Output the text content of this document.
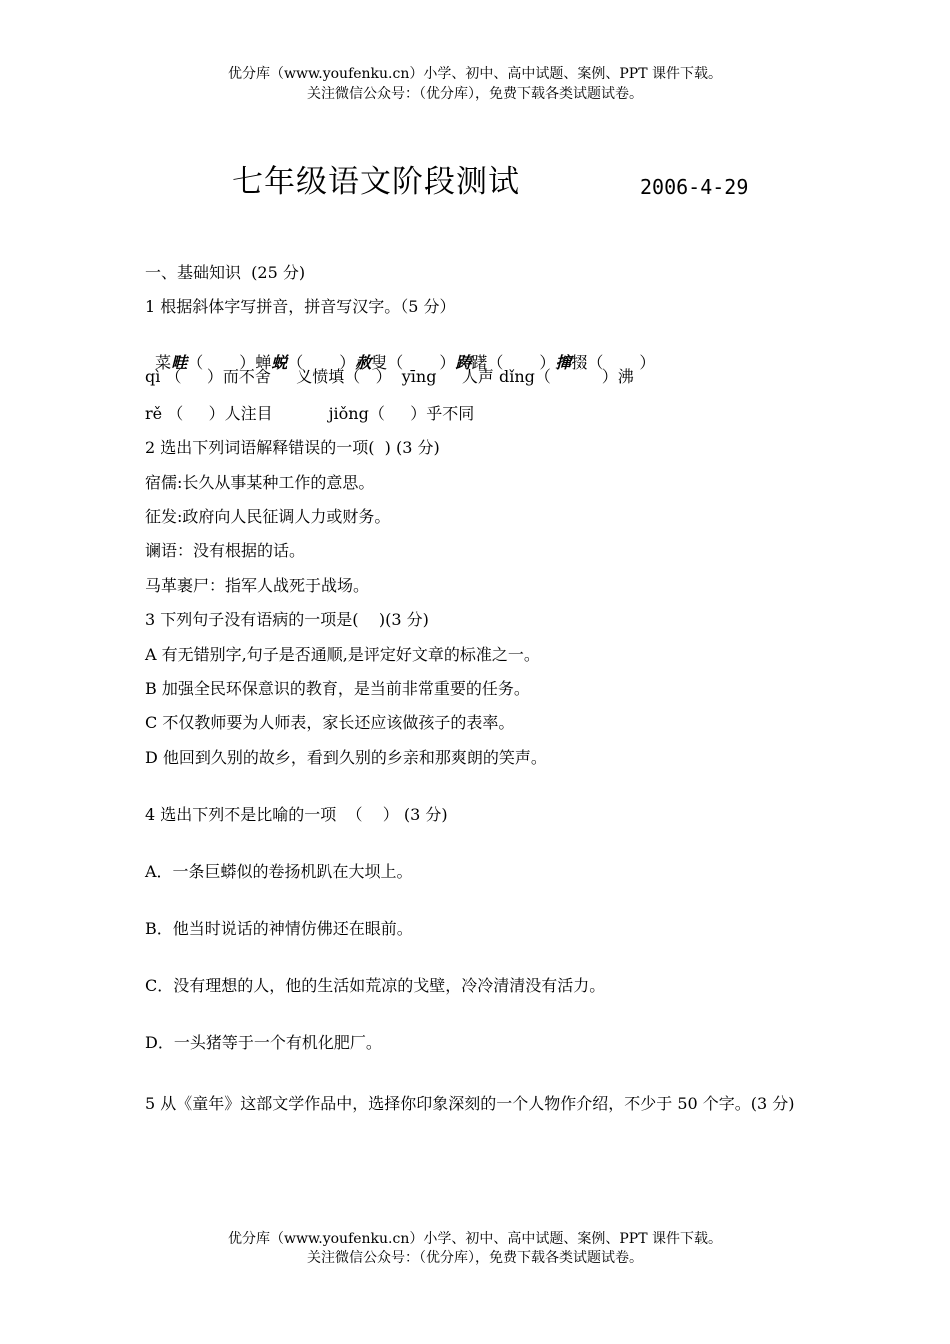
优分库（www.youfenku.cn）小学、初中、高中试题、案例、PPT 课件下载。
关注微信公众号：（优分库），免费下载各类试题试卷。
七年级语文阶段测试	2006-4-29
一、基础知识  (25 分)
1 根据斜体字写拼音，拼音写汉字。（5 分）

菜畦（ ）蝉蜕（ ）赦叟（ ）踌躇（ ）撺掇（ ）

qì （     ）而不舍     义愤填（   ）  yīng     人声 dǐng（          ）沸
rě （     ）人注目           jiǒng（     ）乎不同
2 选出下列词语解释错误的一项(  ) (3 分)
宿儒:长久从事某种工作的意思。
征发:政府向人民征调人力或财务。
谰语：没有根据的话。
马革裹尸：指军人战死于战场。
3 下列句子没有语病的一项是(    )(3 分)
A 有无错别字,句子是否通顺,是评定好文章的标准之一。
B 加强全民环保意识的教育，是当前非常重要的任务。
C 不仅教师要为人师表，家长还应该做孩子的表率。
D 他回到久别的故乡，看到久别的乡亲和那爽朗的笑声。
4 选出下列不是比喻的一项  （    ） (3 分)
A．一条巨蟒似的卷扬机趴在大坝上。
B．他当时说话的神情仿佛还在眼前。
C．没有理想的人，他的生活如荒凉的戈壁，冷冷清清没有活力。
D．一头猪等于一个有机化肥厂。
5 从《童年》这部文学作品中，选择你印象深刻的一个人物作介绍，不少于 50 个字。(3 分)
优分库（www.youfenku.cn）小学、初中、高中试题、案例、PPT 课件下载。
关注微信公众号：（优分库），免费下载各类试题试卷。
